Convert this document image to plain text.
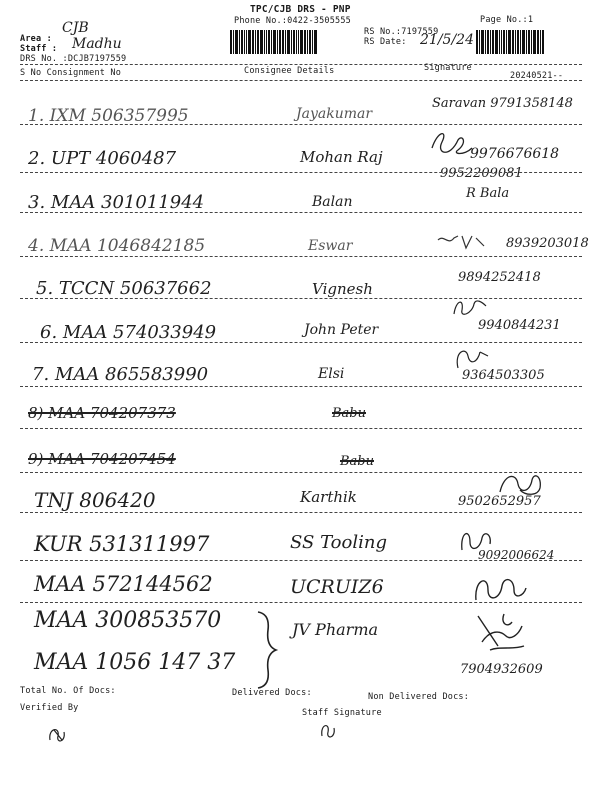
TPC/CJB DRS - PNP
Phone No.:0422-3505555	Page No.:1
Area :
CJB
Staff : Madhu
DRS No. :DCJB7197559
RS No.:7197559
RS Date: 21/5/24
S No Consignment No	Consignee Details	Signature
20240521--
1. IXM 506357995	Jayakumar
Saravan 9791358148
2. UPT 4060487	Mohan Raj	9976676618
9952209081
3. MAA 301011944	Balan
R Bala
4. MAA 1046842185	Eswar	8939203018
5. TCCN 50637662	Vignesh
9894252418
6. MAA 574033949	John Peter	9940844231
7. MAA 865583990	Elsi	9364503305
8) MAA 704207373	Babu
9) MAA 704207454	Babu
TNJ 806420	Karthik	9502652957
KUR 531311997	SS Tooling
9092006624
MAA 572144562	UCRUIZ6
MAA 300853570	JV Pharma
MAA 1056 147 37	7904932609
Total No. Of Docs:	Delivered Docs:	Non Delivered Docs:
Verified By	Staff Signature
